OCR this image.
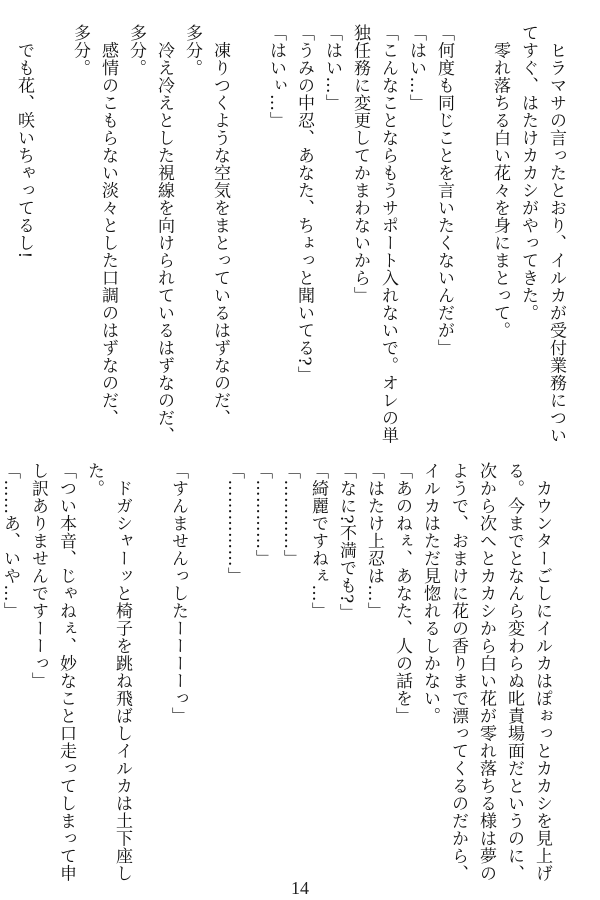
　ヒラマサの言ったとおり、イルカが受付業務につい
てすぐ、はたけカカシがやってきた。
　零れ落ちる白い花々を身にまとって。

「何度も同じことを言いたくないんだが」
「はい…」
「こんなことならもうサポート入れないで。オレの単
独任務に変更してかまわないから」
「はい…」
「うみの中忍、あなた、ちょっと聞いてる?」
「はいぃ…」

　凍りつくような空気をまとっているはずなのだ、
多分。
　冷え冷えとした視線を向けられているはずなのだ、
多分。
　感情のこもらない淡々とした口調のはずなのだ、
多分。

　でも花、咲いちゃってるし!
　カウンターごしにイルカはぽぉっとカカシを見上げ
る。今までとなんら変わらぬ叱責場面だというのに、
次から次へとカカシから白い花が零れ落ちる様は夢の
ようで、おまけに花の香りまで漂ってくるのだから、
イルカはただ見惚れるしかない。
「あのねぇ、あなた、人の話を」
「はたけ上忍は…」
「なに?不満でも?」
「綺麗ですねぇ…」
「…………」
「…………」
「……………」

「すんませんっしたーーーーっ」

　ドガシャーッと椅子を跳ね飛ばしイルカは土下座し
た。
「つい本音、じゃねぇ、妙なこと口走ってしまって申
し訳ありませんですーーっ」
「……あ、いや…」

14
